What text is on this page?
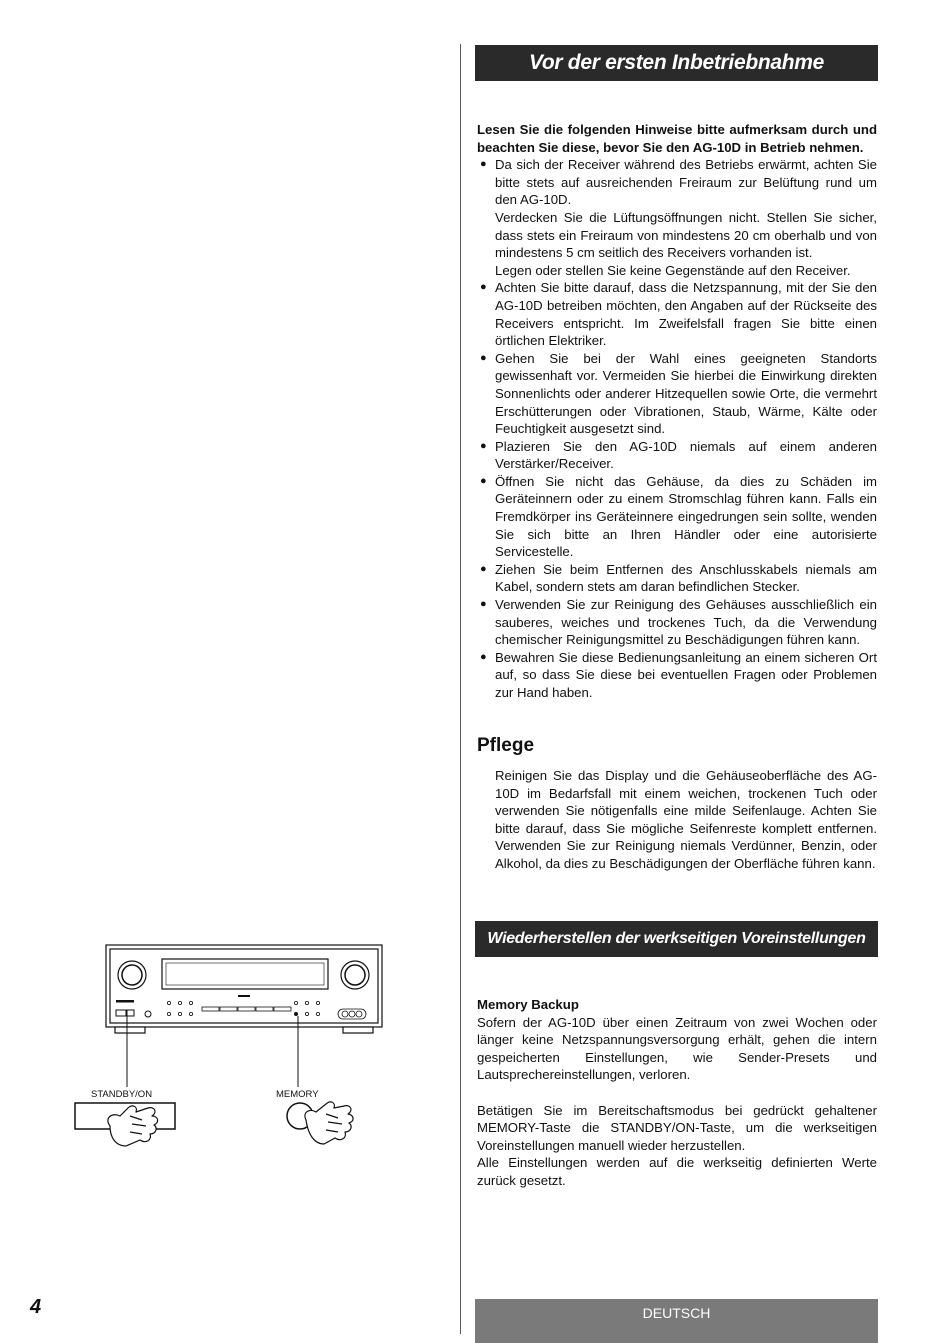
Vor der ersten Inbetriebnahme

Lesen Sie die folgenden Hinweise bitte aufmerksam durch und beachten Sie diese, bevor Sie den AG-10D in Betrieb nehmen.

● Da sich der Receiver während des Betriebs erwärmt, achten Sie bitte stets auf ausreichenden Freiraum zur Belüftung rund um den AG-10D.

Verdecken Sie die Lüftungsöffnungen nicht. Stellen Sie sicher, dass stets ein Freiraum von mindestens 20 cm oberhalb und von mindestens 5 cm seitlich des Receivers vorhanden ist.

Legen oder stellen Sie keine Gegenstände auf den Receiver.

● Achten Sie bitte darauf, dass die Netzspannung, mit der Sie den AG-10D betreiben möchten, den Angaben auf der Rückseite des Receivers entspricht. Im Zweifelsfall fragen Sie bitte einen örtlichen Elektriker.

● Gehen Sie bei der Wahl eines geeigneten Standorts gewissenhaft vor. Vermeiden Sie hierbei die Einwirkung direkten Sonnenlichts oder anderer Hitzequellen sowie Orte, die vermehrt Erschütterungen oder Vibrationen, Staub, Wärme, Kälte oder Feuchtigkeit ausgesetzt sind.

● Plazieren Sie den AG-10D niemals auf einem anderen Verstärker/Receiver.

● Öffnen Sie nicht das Gehäuse, da dies zu Schäden im Geräteinnern oder zu einem Stromschlag führen kann. Falls ein Fremdkörper ins Geräteinnere eingedrungen sein sollte, wenden Sie sich bitte an Ihren Händler oder eine autorisierte Servicestelle.

● Ziehen Sie beim Entfernen des Anschlusskabels niemals am Kabel, sondern stets am daran befindlichen Stecker.

● Verwenden Sie zur Reinigung des Gehäuses ausschließlich ein sauberes, weiches und trockenes Tuch, da die Verwendung chemischer Reinigungsmittel zu Beschädigungen führen kann.

● Bewahren Sie diese Bedienungsanleitung an einem sicheren Ort auf, so dass Sie diese bei eventuellen Fragen oder Problemen zur Hand haben.

Pflege

Reinigen Sie das Display und die Gehäuseoberfläche des AG-10D im Bedarfsfall mit einem weichen, trockenen Tuch oder verwenden Sie nötigenfalls eine milde Seifenlauge. Achten Sie bitte darauf, dass Sie mögliche Seifenreste komplett entfernen. Verwenden Sie zur Reinigung niemals Verdünner, Benzin, oder Alkohol, da dies zu Beschädigungen der Oberfläche führen kann.

Wiederherstellen der werkseitigen Voreinstellungen
Memory Backup

Sofern der AG-10D über einen Zeitraum von zwei Wochen oder länger keine Netzspannungsversorgung erhält, gehen die intern gespeicherten Einstellungen, wie Sender-Presets und Lautsprechereinstellungen, verloren.

Betätigen Sie im Bereitschaftsmodus bei gedrückt gehaltener MEMORY-Taste die STANDBY/ON-Taste, um die werkseitigen Voreinstellungen manuell wieder herzustellen.

Alle Einstellungen werden auf die werkseitig definierten Werte zurück gesetzt.

STANDBY/ON	MEMORY
4	DEUTSCH
